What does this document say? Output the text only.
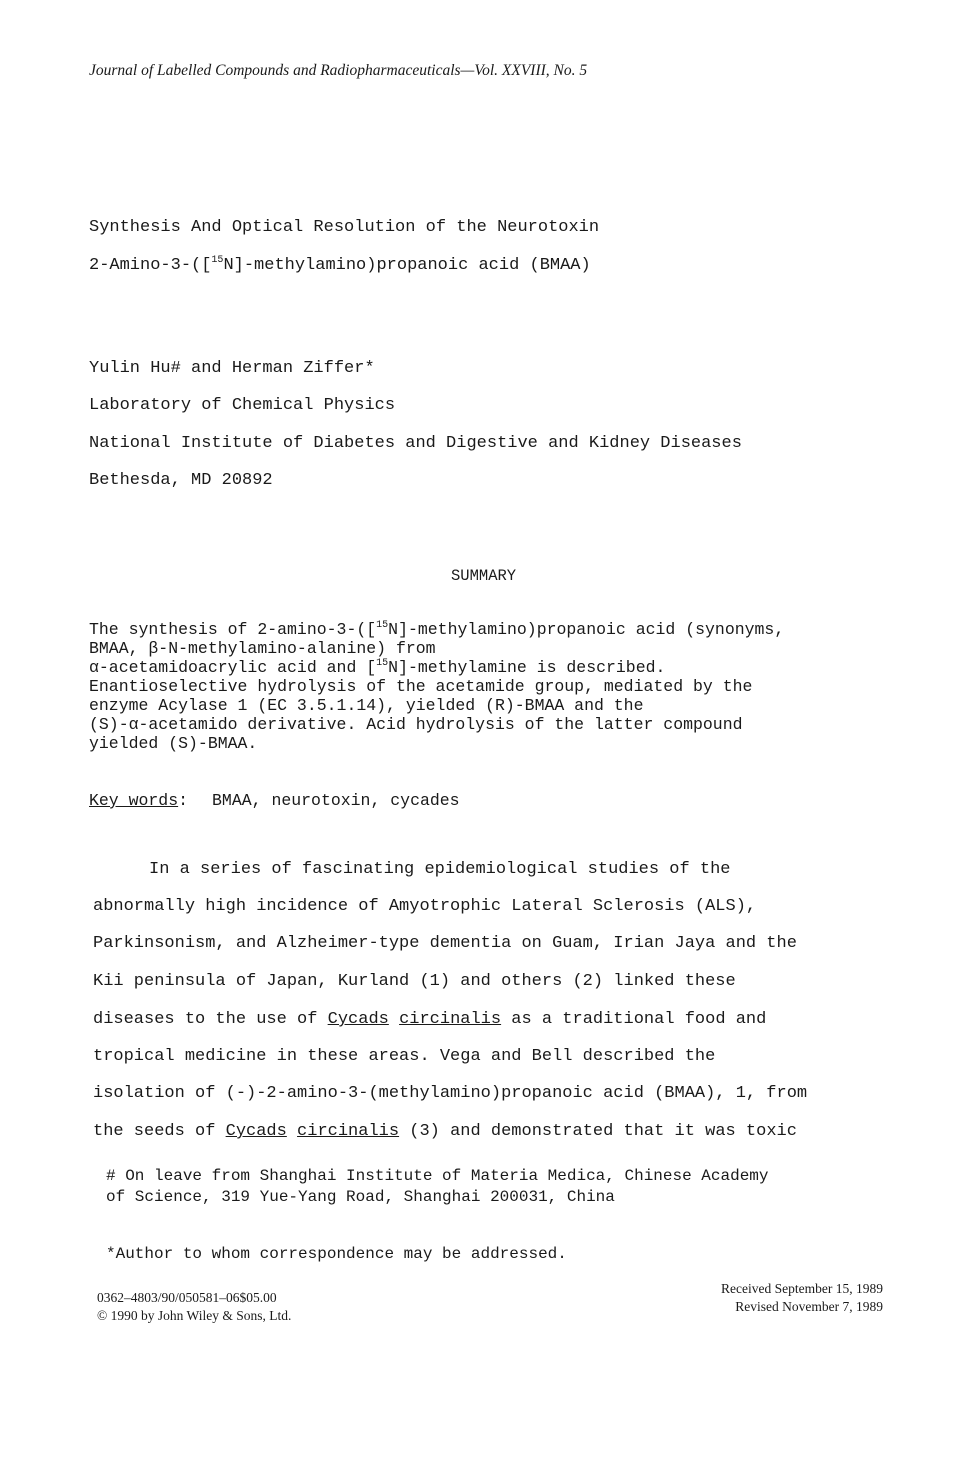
Journal of Labelled Compounds and Radiopharmaceuticals—Vol. XXVIII, No. 5
Synthesis And Optical Resolution of the Neurotoxin
2-Amino-3-([$^{15}$N]-methylamino)propanoic acid (BMAA)
Yulin Hu# and Herman Ziffer*
Laboratory of Chemical Physics
National Institute of Diabetes and Digestive and Kidney Diseases
Bethesda, MD 20892
SUMMARY
The synthesis of 2-amino-3-([$^{15}$N]-methylamino)propanoic acid (synonyms,
BMAA, β-N-methylamino-alanine) from
α-acetamidoacrylic acid and [$^{15}$N]-methylamine is described.
Enantioselective hydrolysis of the acetamide group, mediated by the
enzyme Acylase 1 (EC 3.5.1.14), yielded (R)-BMAA and the
(S)-α-acetamido derivative. Acid hydrolysis of the latter compound
yielded (S)-BMAA.
Key words: BMAA, neurotoxin, cycades
In a series of fascinating epidemiological studies of the
abnormally high incidence of Amyotrophic Lateral Sclerosis (ALS),
Parkinsonism, and Alzheimer-type dementia on Guam, Irian Jaya and the
Kii peninsula of Japan, Kurland (1) and others (2) linked these
diseases to the use of Cycads circinalis as a traditional food and
tropical medicine in these areas. Vega and Bell described the
isolation of (-)-2-amino-3-(methylamino)propanoic acid (BMAA), 1, from
the seeds of Cycads circinalis (3) and demonstrated that it was toxic
# On leave from Shanghai Institute of Materia Medica, Chinese Academy
of Science, 319 Yue-Yang Road, Shanghai 200031, China
*Author to whom correspondence may be addressed.
0362–4803/90/050581–06$05.00
© 1990 by John Wiley & Sons, Ltd.
Received September 15, 1989
Revised November 7, 1989
